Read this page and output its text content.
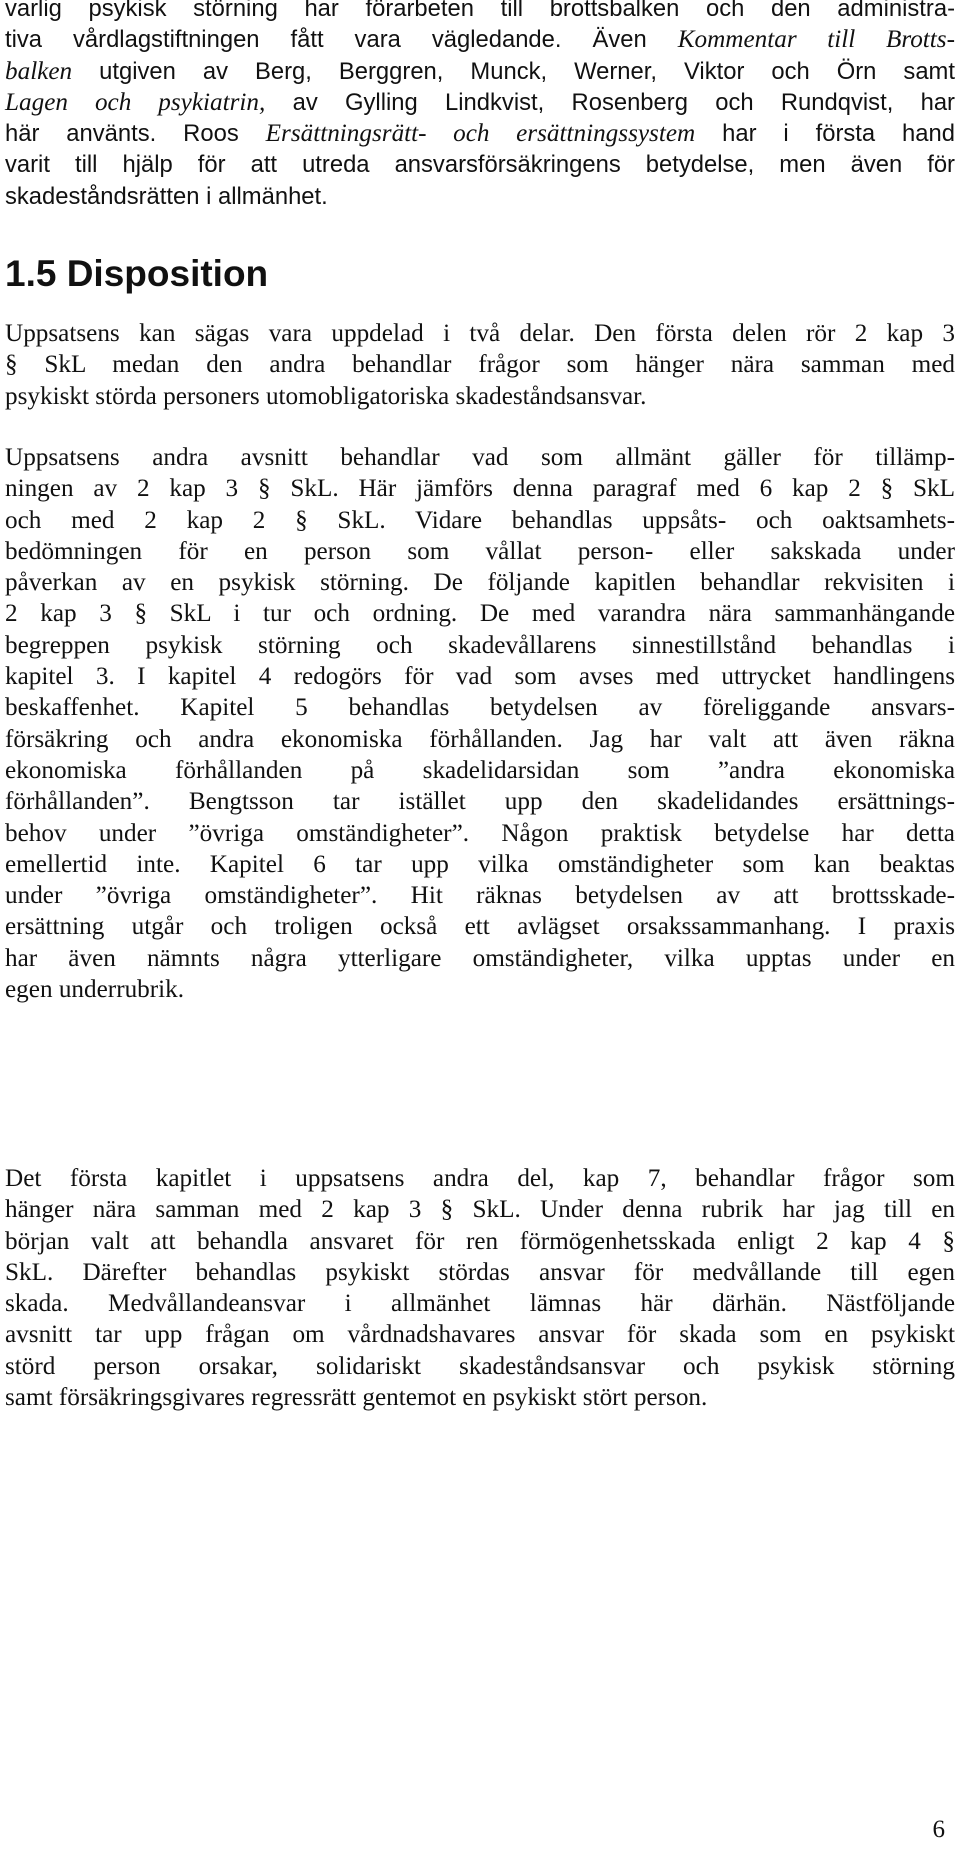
varlig psykisk störning har förarbeten till brottsbalken och den administra-

tiva vårdlagstiftningen fått vara vägledande. Även Kommentar till Brotts-

balken utgiven av Berg, Berggren, Munck, Werner, Viktor och Örn samt

Lagen och psykiatrin, av Gylling Lindkvist, Rosenberg och Rundqvist, har

här använts. Roos Ersättningsrätt- och ersättningssystem har i första hand

varit till hjälp för att utreda ansvarsförsäkringens betydelse, men även för

skadeståndsrätten i allmänhet.

1.5 Disposition

Uppsatsens kan sägas vara uppdelad i två delar. Den första delen rör 2 kap 3

§ SkL medan den andra behandlar frågor som hänger nära samman med

psykiskt störda personers utomobligatoriska skadeståndsansvar.

Uppsatsens andra avsnitt behandlar vad som allmänt gäller för tillämp-

ningen av 2 kap 3 § SkL. Här jämförs denna paragraf med 6 kap 2 § SkL

och med 2 kap 2 § SkL. Vidare behandlas uppsåts- och oaktsamhets-

bedömningen för en person som vållat person- eller sakskada under

påverkan av en psykisk störning. De följande kapitlen behandlar rekvisiten i

2 kap 3 § SkL i tur och ordning. De med varandra nära sammanhängande

begreppen psykisk störning och skadevållarens sinnestillstånd behandlas i

kapitel 3. I kapitel 4 redogörs för vad som avses med uttrycket handlingens

beskaffenhet. Kapitel 5 behandlas betydelsen av föreliggande ansvars-

försäkring och andra ekonomiska förhållanden. Jag har valt att även räkna

ekonomiska förhållanden på skadelidarsidan som ”andra ekonomiska

förhållanden”. Bengtsson tar istället upp den skadelidandes ersättnings-

behov under ”övriga omständigheter”. Någon praktisk betydelse har detta

emellertid inte. Kapitel 6 tar upp vilka omständigheter som kan beaktas

under ”övriga omständigheter”. Hit räknas betydelsen av att brottsskade-

ersättning utgår och troligen också ett avlägset orsakssammanhang. I praxis

har även nämnts några ytterligare omständigheter, vilka upptas under en

egen underrubrik.

Det första kapitlet i uppsatsens andra del, kap 7, behandlar frågor som

hänger nära samman med 2 kap 3 § SkL. Under denna rubrik har jag till en

början valt att behandla ansvaret för ren förmögenhetsskada enligt 2 kap 4 §

SkL. Därefter behandlas psykiskt stördas ansvar för medvållande till egen

skada. Medvållandeansvar i allmänhet lämnas här därhän. Nästföljande

avsnitt tar upp frågan om vårdnadshavares ansvar för skada som en psykiskt

störd person orsakar, solidariskt skadeståndsansvar och psykisk störning

samt försäkringsgivares regressrätt gentemot en psykiskt stört person.

6
